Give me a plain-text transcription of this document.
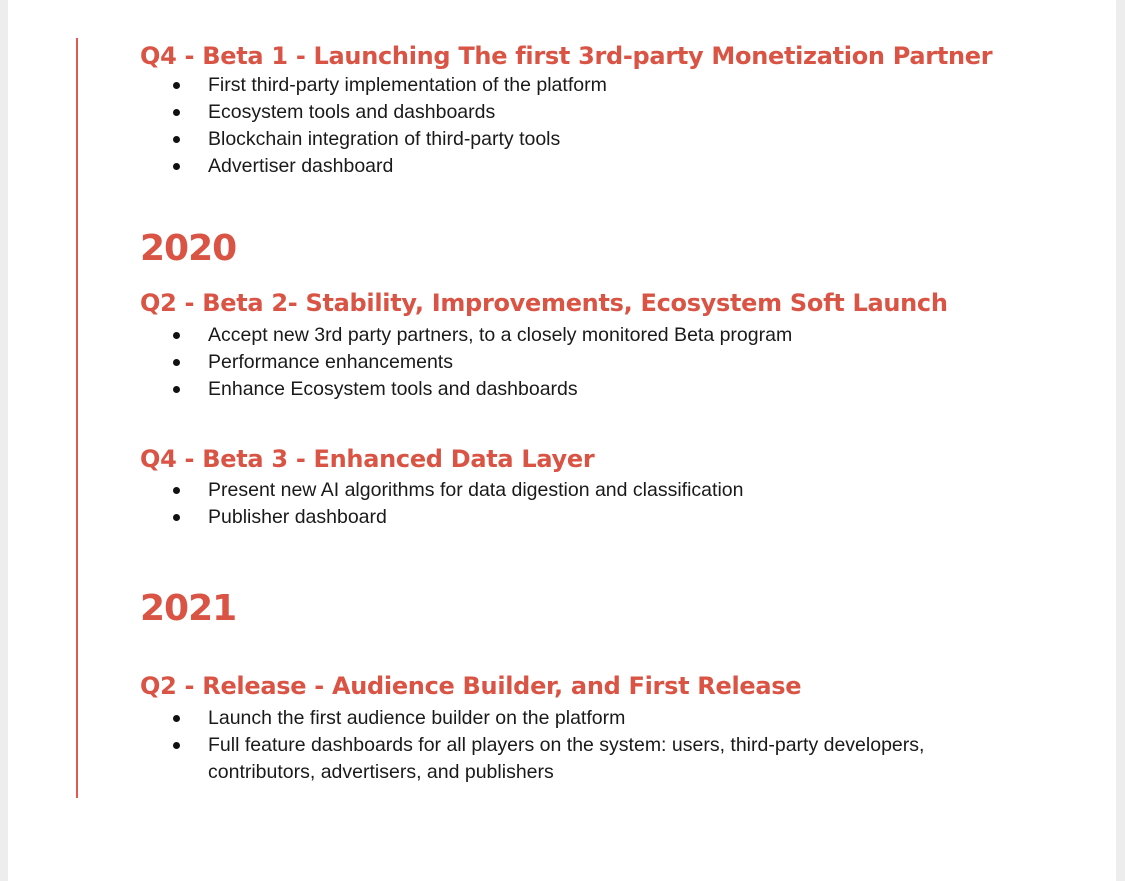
Q4 - Beta 1 - Launching The first 3rd-party Monetization Partner
First third-party implementation of the platform
Ecosystem tools and dashboards
Blockchain integration of third-party tools
Advertiser dashboard
2020
Q2 - Beta 2- Stability, Improvements, Ecosystem Soft Launch
Accept new 3rd party partners, to a closely monitored Beta program
Performance enhancements
Enhance Ecosystem tools and dashboards
Q4 - Beta 3 - Enhanced Data Layer
Present new AI algorithms for data digestion and classification
Publisher dashboard
2021
Q2 - Release - Audience Builder, and First Release
Launch the first audience builder on the platform
Full feature dashboards for all players on the system: users, third-party developers, contributors, advertisers, and publishers
